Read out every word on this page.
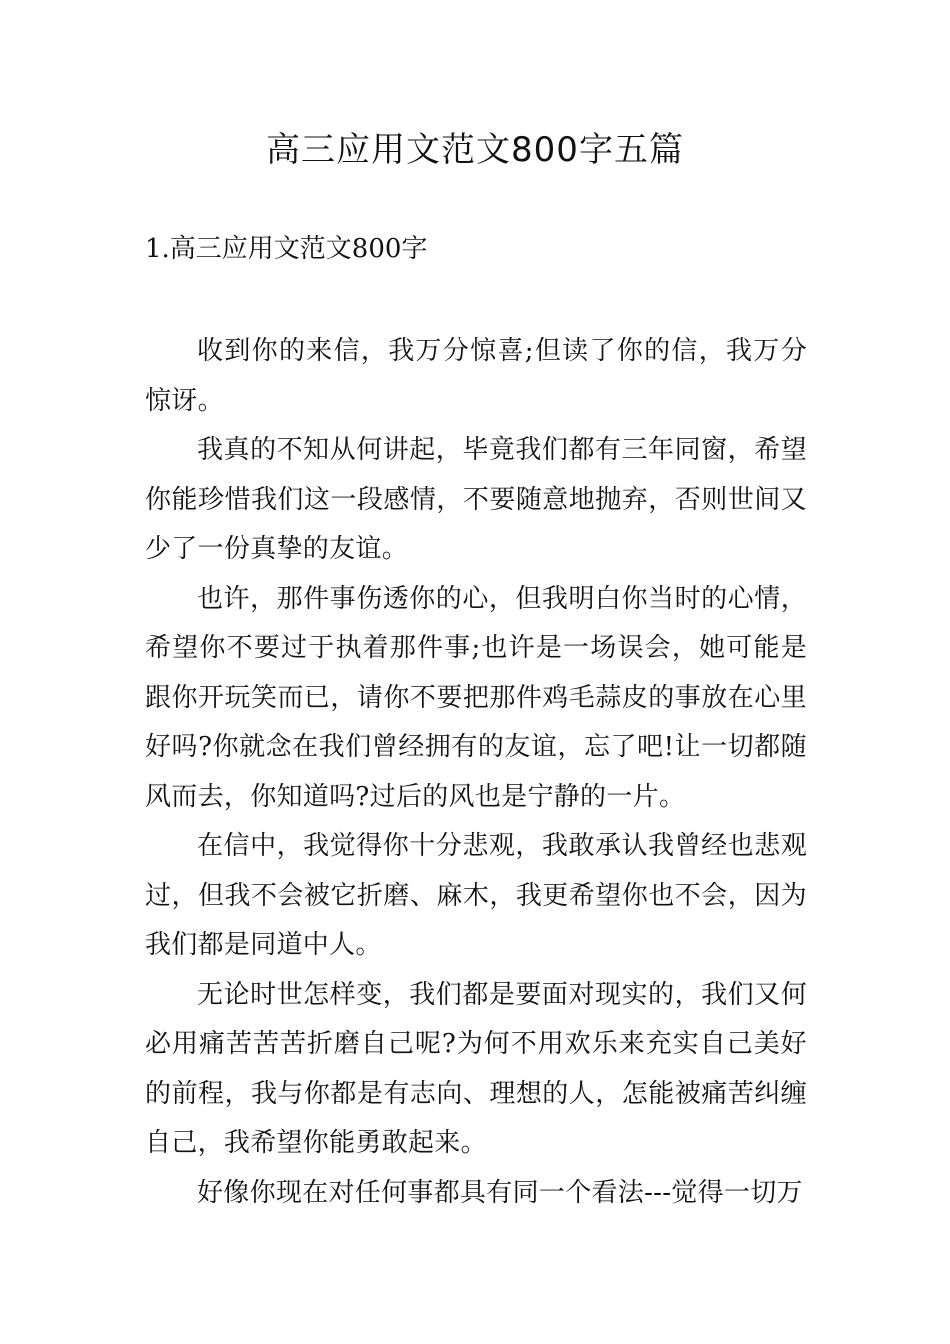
高三应用文范文800字五篇
1.高三应用文范文800字

收到你的来信，我万分惊喜;但读了你的信，我万分惊讶。

我真的不知从何讲起，毕竟我们都有三年同窗，希望你能珍惜我们这一段感情，不要随意地抛弃，否则世间又少了一份真挚的友谊。

也许，那件事伤透你的心，但我明白你当时的心情，希望你不要过于执着那件事;也许是一场误会，她可能是跟你开玩笑而已，请你不要把那件鸡毛蒜皮的事放在心里好吗?你就念在我们曾经拥有的友谊，忘了吧!让一切都随风而去，你知道吗?过后的风也是宁静的一片。

在信中，我觉得你十分悲观，我敢承认我曾经也悲观过，但我不会被它折磨、麻木，我更希望你也不会，因为我们都是同道中人。

无论时世怎样变，我们都是要面对现实的，我们又何必用痛苦苦苦折磨自己呢?为何不用欢乐来充实自己美好的前程，我与你都是有志向、理想的人，怎能被痛苦纠缠自己，我希望你能勇敢起来。

好像你现在对任何事都具有同一个看法---觉得一切万
